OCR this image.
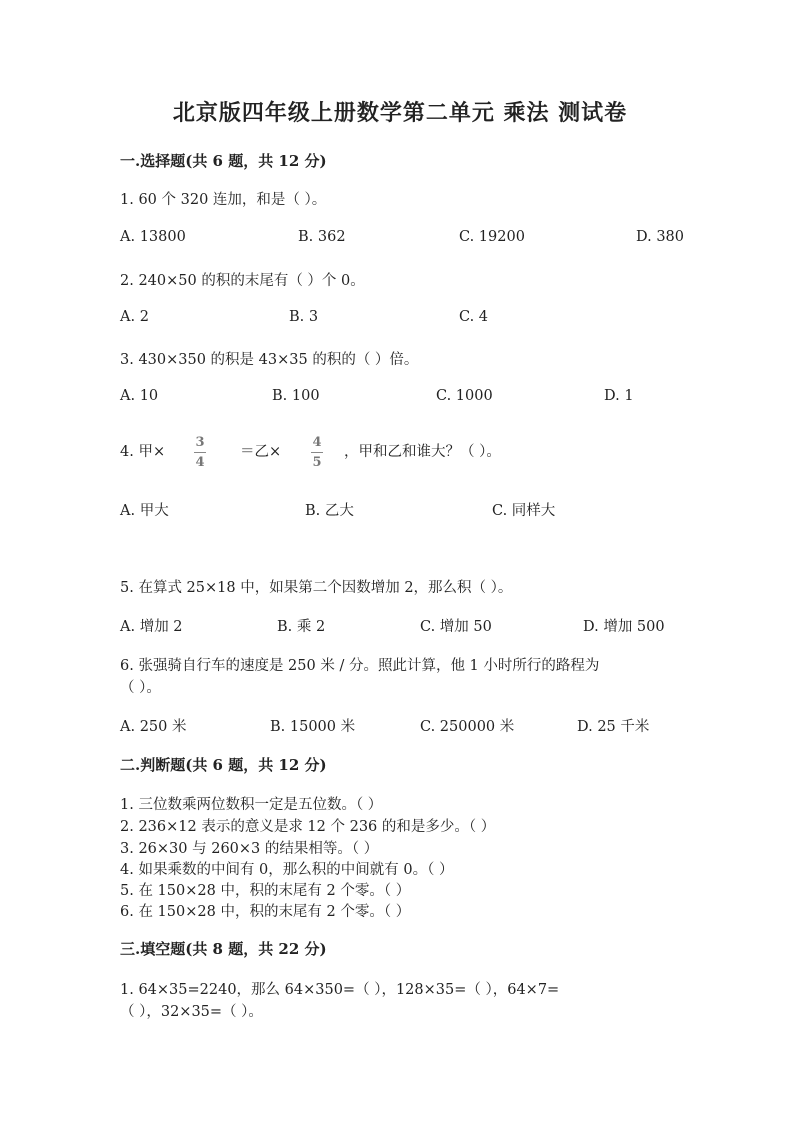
北京版四年级上册数学第二单元 乘法 测试卷
一.选择题(共 6 题，共 12 分)
1. 60 个 320 连加，和是（ ）。
A. 13800	B. 362	C. 19200	D. 380
2. 240×50 的积的末尾有（ ）个 0。
A. 2	B. 3	C. 4
3. 430×350 的积是 43×35 的积的（ ）倍。
A. 10	B. 100	C. 1000	D. 1
4. 甲×
3
4
＝乙×
4
5
，甲和乙和谁大？（ ）。
A. 甲大	B. 乙大	C. 同样大
5. 在算式 25×18 中，如果第二个因数增加 2，那么积（ ）。
A. 增加 2	B. 乘 2	C. 增加 50	D. 增加 500
6. 张强骑自行车的速度是 250 米 / 分。照此计算，他 1 小时所行的路程为
（ ）。
A. 250 米	B. 15000 米	C. 250000 米	D. 25 千米
二.判断题(共 6 题，共 12 分)
1. 三位数乘两位数积一定是五位数。（ ）
2. 236×12 表示的意义是求 12 个 236 的和是多少。（ ）
3. 26×30 与 260×3 的结果相等。（ ）
4. 如果乘数的中间有 0，那么积的中间就有 0。（ ）
5. 在 150×28 中，积的末尾有 2 个零。（ ）
6. 在 150×28 中，积的末尾有 2 个零。（ ）
三.填空题(共 8 题，共 22 分)
1. 64×35=2240，那么 64×350=（ ），128×35=（ ），64×7=
（ ），32×35=（ ）。
